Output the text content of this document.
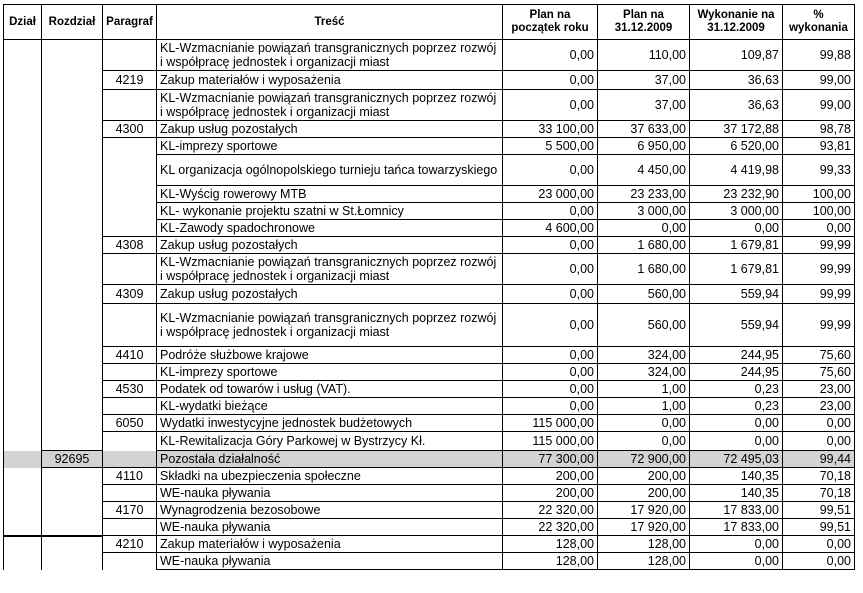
Dział	Rozdział	Paragraf	Treść	Plan na początek roku	Plan na 31.12.2009	Wykonanie na 31.12.2009	% wykonania
			KL-Wzmacnianie powiązań transgranicznych poprzez rozwój i współpracę jednostek i organizacji miast	0,00	110,00	109,87	99,88
		4219	Zakup materiałów i wyposażenia	0,00	37,00	36,63	99,00
			KL-Wzmacnianie powiązań transgranicznych poprzez rozwój i współpracę jednostek i organizacji miast	0,00	37,00	36,63	99,00
		4300	Zakup usług pozostałych	33 100,00	37 633,00	37 172,88	98,78
			KL-imprezy sportowe	5 500,00	6 950,00	6 520,00	93,81
			KL organizacja ogólnopolskiego turnieju tańca towarzyskiego	0,00	4 450,00	4 419,98	99,33
			KL-Wyścig rowerowy MTB	23 000,00	23 233,00	23 232,90	100,00
			KL- wykonanie projektu szatni w St.Łomnicy	0,00	3 000,00	3 000,00	100,00
			KL-Zawody spadochronowe	4 600,00	0,00	0,00	0,00
		4308	Zakup usług pozostałych	0,00	1 680,00	1 679,81	99,99
			KL-Wzmacnianie powiązań transgranicznych poprzez rozwój i współpracę jednostek i organizacji miast	0,00	1 680,00	1 679,81	99,99
		4309	Zakup usług pozostałych	0,00	560,00	559,94	99,99
			KL-Wzmacnianie powiązań transgranicznych poprzez rozwój i współpracę jednostek i organizacji miast	0,00	560,00	559,94	99,99
		4410	Podróże służbowe krajowe	0,00	324,00	244,95	75,60
			KL-imprezy sportowe	0,00	324,00	244,95	75,60
		4530	Podatek od towarów i usług (VAT).	0,00	1,00	0,23	23,00
			KL-wydatki bieżące	0,00	1,00	0,23	23,00
		6050	Wydatki inwestycyjne jednostek budżetowych	115 000,00	0,00	0,00	0,00
			KL-Rewitalizacja Góry Parkowej w Bystrzycy Kł.	115 000,00	0,00	0,00	0,00
	92695		Pozostała działalność	77 300,00	72 900,00	72 495,03	99,44
		4110	Składki na ubezpieczenia społeczne	200,00	200,00	140,35	70,18
			WE-nauka pływania	200,00	200,00	140,35	70,18
		4170	Wynagrodzenia bezosobowe	22 320,00	17 920,00	17 833,00	99,51
			WE-nauka pływania	22 320,00	17 920,00	17 833,00	99,51
		4210	Zakup materiałów i wyposażenia	128,00	128,00	0,00	0,00
			WE-nauka pływania	128,00	128,00	0,00	0,00
